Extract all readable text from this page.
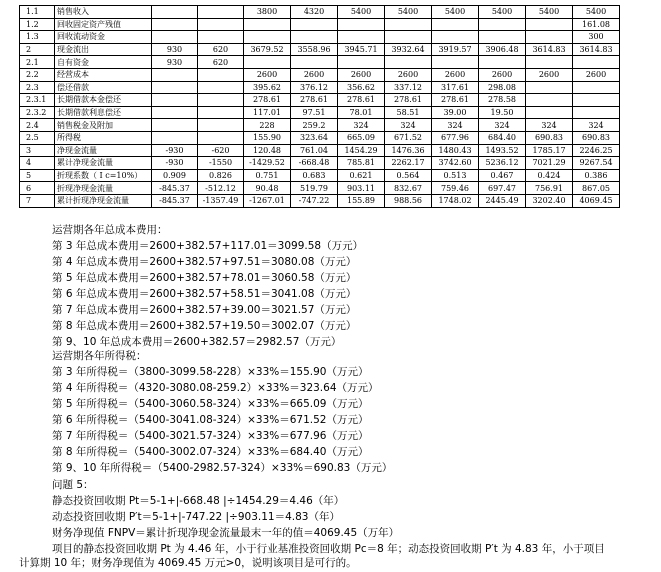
1.1	销售收入			3800	4320	5400	5400	5400	5400	5400	5400
1.2	回收固定资产残值										161.08
1.3	回收流动资金										300
2	现金流出	930	620	3679.52	3558.96	3945.71	3932.64	3919.57	3906.48	3614.83	3614.83
2.1	自有资金	930	620								
2.2	经营成本			2600	2600	2600	2600	2600	2600	2600	2600
2.3	偿还借款			395.62	376.12	356.62	337.12	317.61	298.08		
2.3.1	长期借款本金偿还			278.61	278.61	278.61	278.61	278.61	278.58		
2.3.2	长期借款利息偿还			117.01	97.51	78.01	58.51	39.00	19.50		
2.4	销售税金及附加			228	259.2	324	324	324	324	324	324
2.5	所得税			155.90	323.64	665.09	671.52	677.96	684.40	690.83	690.83
3	净现金流量	-930	-620	120.48	761.04	1454.29	1476.36	1480.43	1493.52	1785.17	2246.25
4	累计净现金流量	-930	-1550	-1429.52	-668.48	785.81	2262.17	3742.60	5236.12	7021.29	9267.54
5	折现系数（ I c=10%）	0.909	0.826	0.751	0.683	0.621	0.564	0.513	0.467	0.424	0.386
6	折现净现金流量	-845.37	-512.12	90.48	519.79	903.11	832.67	759.46	697.47	756.91	867.05
7	累计折现净现金流量	-845.37	-1357.49	-1267.01	-747.22	155.89	988.56	1748.02	2445.49	3202.40	4069.45
运营期各年总成本费用：
第 3 年总成本费用＝2600+382.57+117.01＝3099.58（万元）
第 4 年总成本费用＝2600+382.57+97.51＝3080.08（万元）
第 5 年总成本费用＝2600+382.57+78.01＝3060.58（万元）
第 6 年总成本费用＝2600+382.57+58.51＝3041.08（万元）
第 7 年总成本费用＝2600+382.57+39.00＝3021.57（万元）
第 8 年总成本费用＝2600+382.57+19.50＝3002.07（万元）
第 9、10 年总成本费用＝2600+382.57＝2982.57（万元）
运营期各年所得税：
第 3 年所得税＝（3800-3099.58-228）×33%＝155.90（万元）
第 4 年所得税＝（4320-3080.08-259.2）×33%＝323.64（万元）
第 5 年所得税＝（5400-3060.58-324）×33%＝665.09（万元）
第 6 年所得税＝（5400-3041.08-324）×33%＝671.52（万元）
第 7 年所得税＝（5400-3021.57-324）×33%＝677.96（万元）
第 8 年所得税＝（5400-3002.07-324）×33%＝684.40（万元）
第 9、10 年所得税＝（5400-2982.57-324）×33%＝690.83（万元）
问题 5：
静态投资回收期 Pt＝5-1+|-668.48 |÷1454.29＝4.46（年）
动态投资回收期 P′t＝5-1+|-747.22 |÷903.11＝4.83（年）
财务净现值 FNPV＝累计折现净现金流量最末一年的值＝4069.45（万年）
项目的静态投资回收期 Pt 为 4.46 年，小于行业基准投资回收期 Pc＝8 年；动态投资回收期 P′t 为 4.83 年，小于项目
计算期 10 年；财务净现值为 4069.45 万元>0，说明该项目是可行的。
